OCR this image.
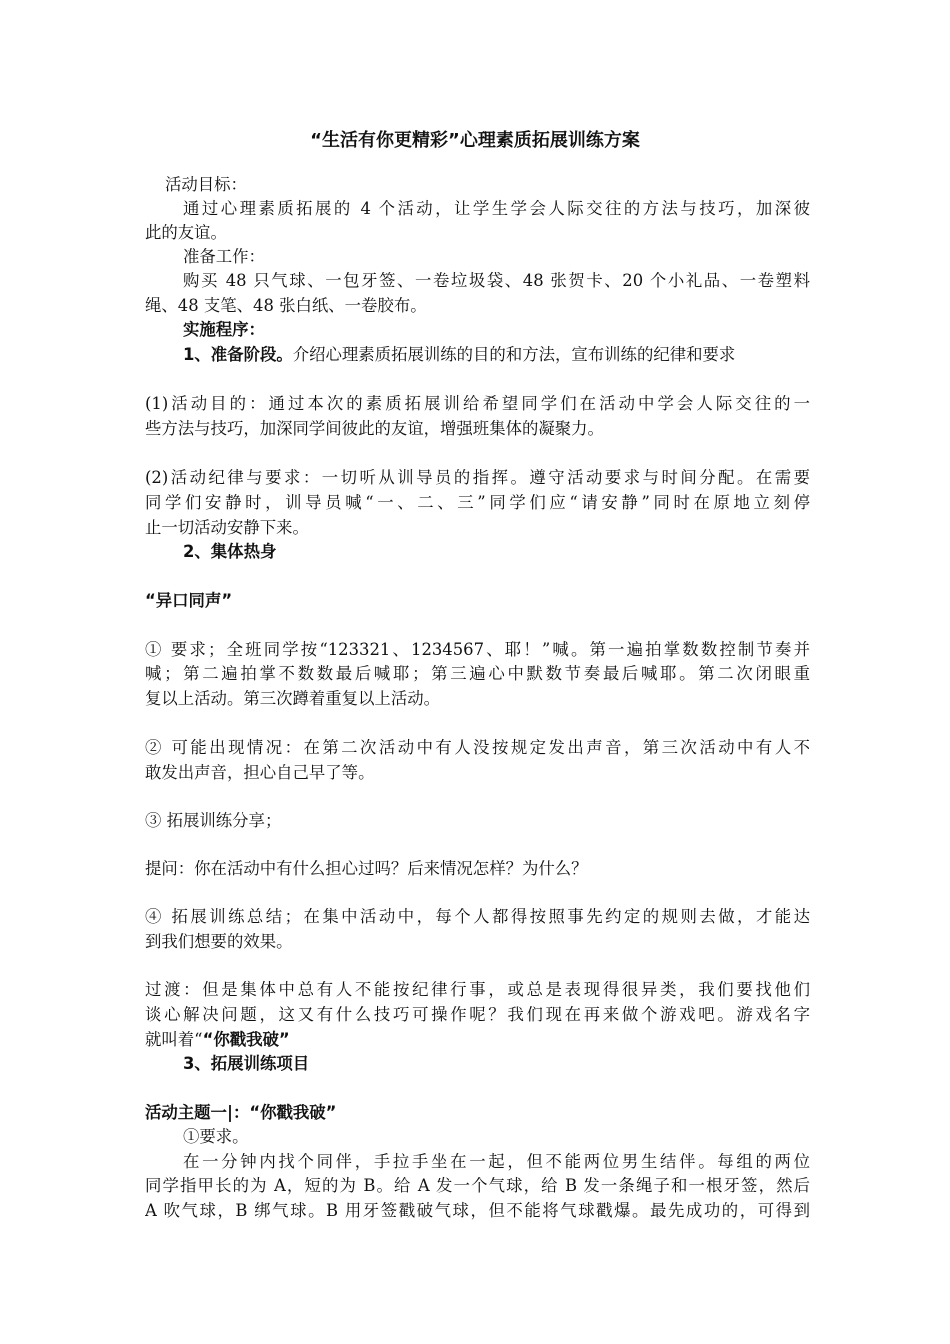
“生活有你更精彩”心理素质拓展训练方案
活动目标：
通过心理素质拓展的 4 个活动，让学生学会人际交往的方法与技巧，加深彼
此的友谊。
准备工作：
购买 48 只气球、一包牙签、一卷垃圾袋、48 张贺卡、20 个小礼品、一卷塑料
绳、48 支笔、48 张白纸、一卷胶布。
实施程序：
1、准备阶段。介绍心理素质拓展训练的目的和方法，宣布训练的纪律和要求
(1)活动目的：通过本次的素质拓展训给希望同学们在活动中学会人际交往的一
些方法与技巧，加深同学间彼此的友谊，增强班集体的凝聚力。
(2)活动纪律与要求：一切听从训导员的指挥。遵守活动要求与时间分配。在需要
同学们安静时，训导员喊“一、二、三”同学们应“请安静”同时在原地立刻停
止一切活动安静下来。
2、集体热身
“异口同声”
① 要求；全班同学按“123321、1234567、耶！”喊。第一遍拍掌数数控制节奏并
喊；第二遍拍掌不数数最后喊耶；第三遍心中默数节奏最后喊耶。第二次闭眼重
复以上活动。第三次蹲着重复以上活动。
② 可能出现情况：在第二次活动中有人没按规定发出声音，第三次活动中有人不
敢发出声音，担心自己早了等。
③ 拓展训练分享；
提问：你在活动中有什么担心过吗？后来情况怎样？为什么？
④ 拓展训练总结；在集中活动中，每个人都得按照事先约定的规则去做，才能达
到我们想要的效果。
过渡：但是集体中总有人不能按纪律行事，或总是表现得很异类，我们要找他们
谈心解决问题，这又有什么技巧可操作呢？我们现在再来做个游戏吧。游戏名字
就叫着““你戳我破”
3、拓展训练项目
活动主题一|：“你戳我破”
①要求。
在一分钟内找个同伴，手拉手坐在一起，但不能两位男生结伴。每组的两位
同学指甲长的为 A，短的为 B。给 A 发一个气球，给 B 发一条绳子和一根牙签，然后
A 吹气球，B 绑气球。B 用牙签戳破气球，但不能将气球戳爆。最先成功的，可得到
